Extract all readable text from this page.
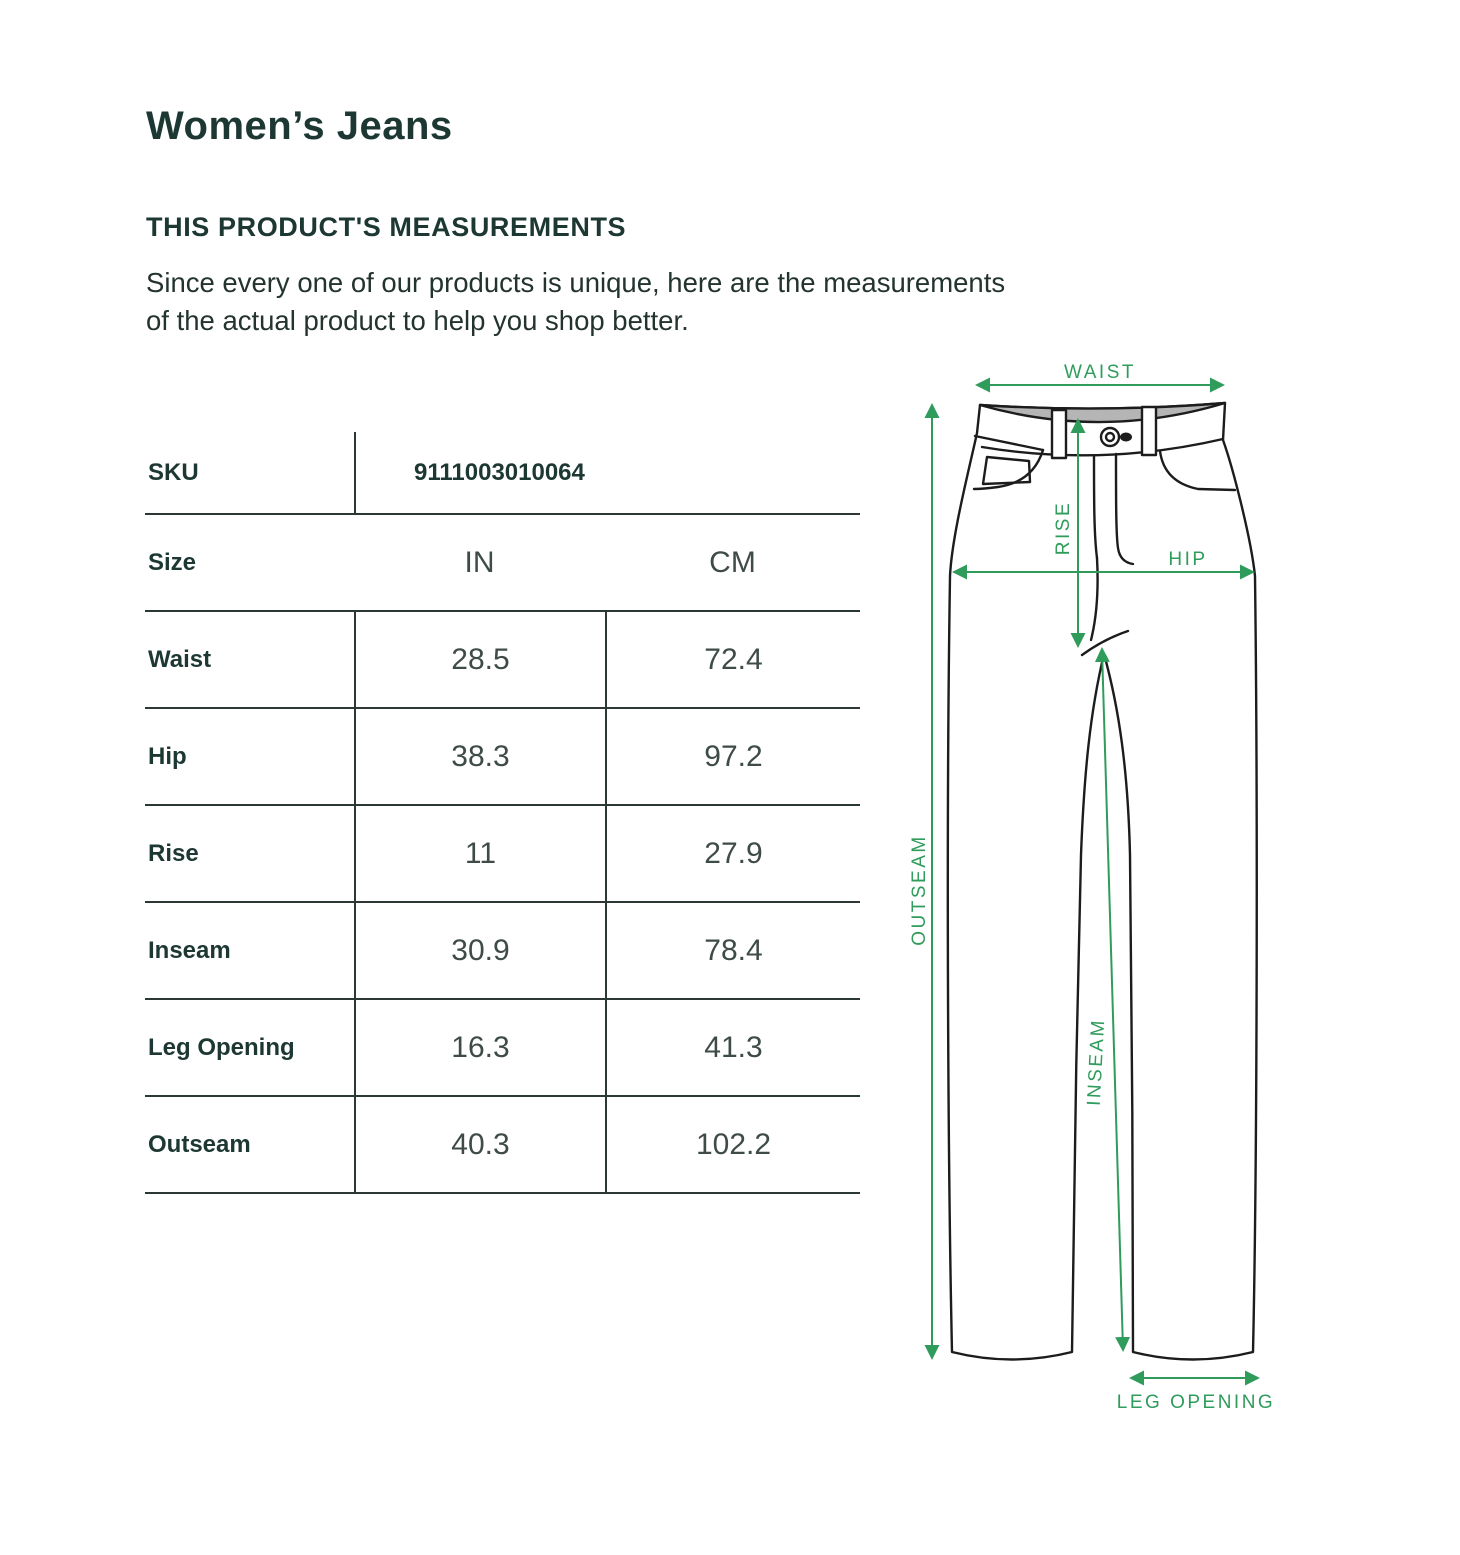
Women’s Jeans
THIS PRODUCT'S MEASUREMENTS
Since every one of our products is unique, here are the measurements
of the actual product to help you shop better.
SKU	9111003010064
Size	IN	CM
Waist	28.5	72.4
Hip	38.3	97.2
Rise	11	27.9
Inseam	30.9	78.4
Leg Opening	16.3	41.3
Outseam	40.3	102.2
WAIST
RISE
HIP
OUTSEAM
INSEAM
LEG OPENING
